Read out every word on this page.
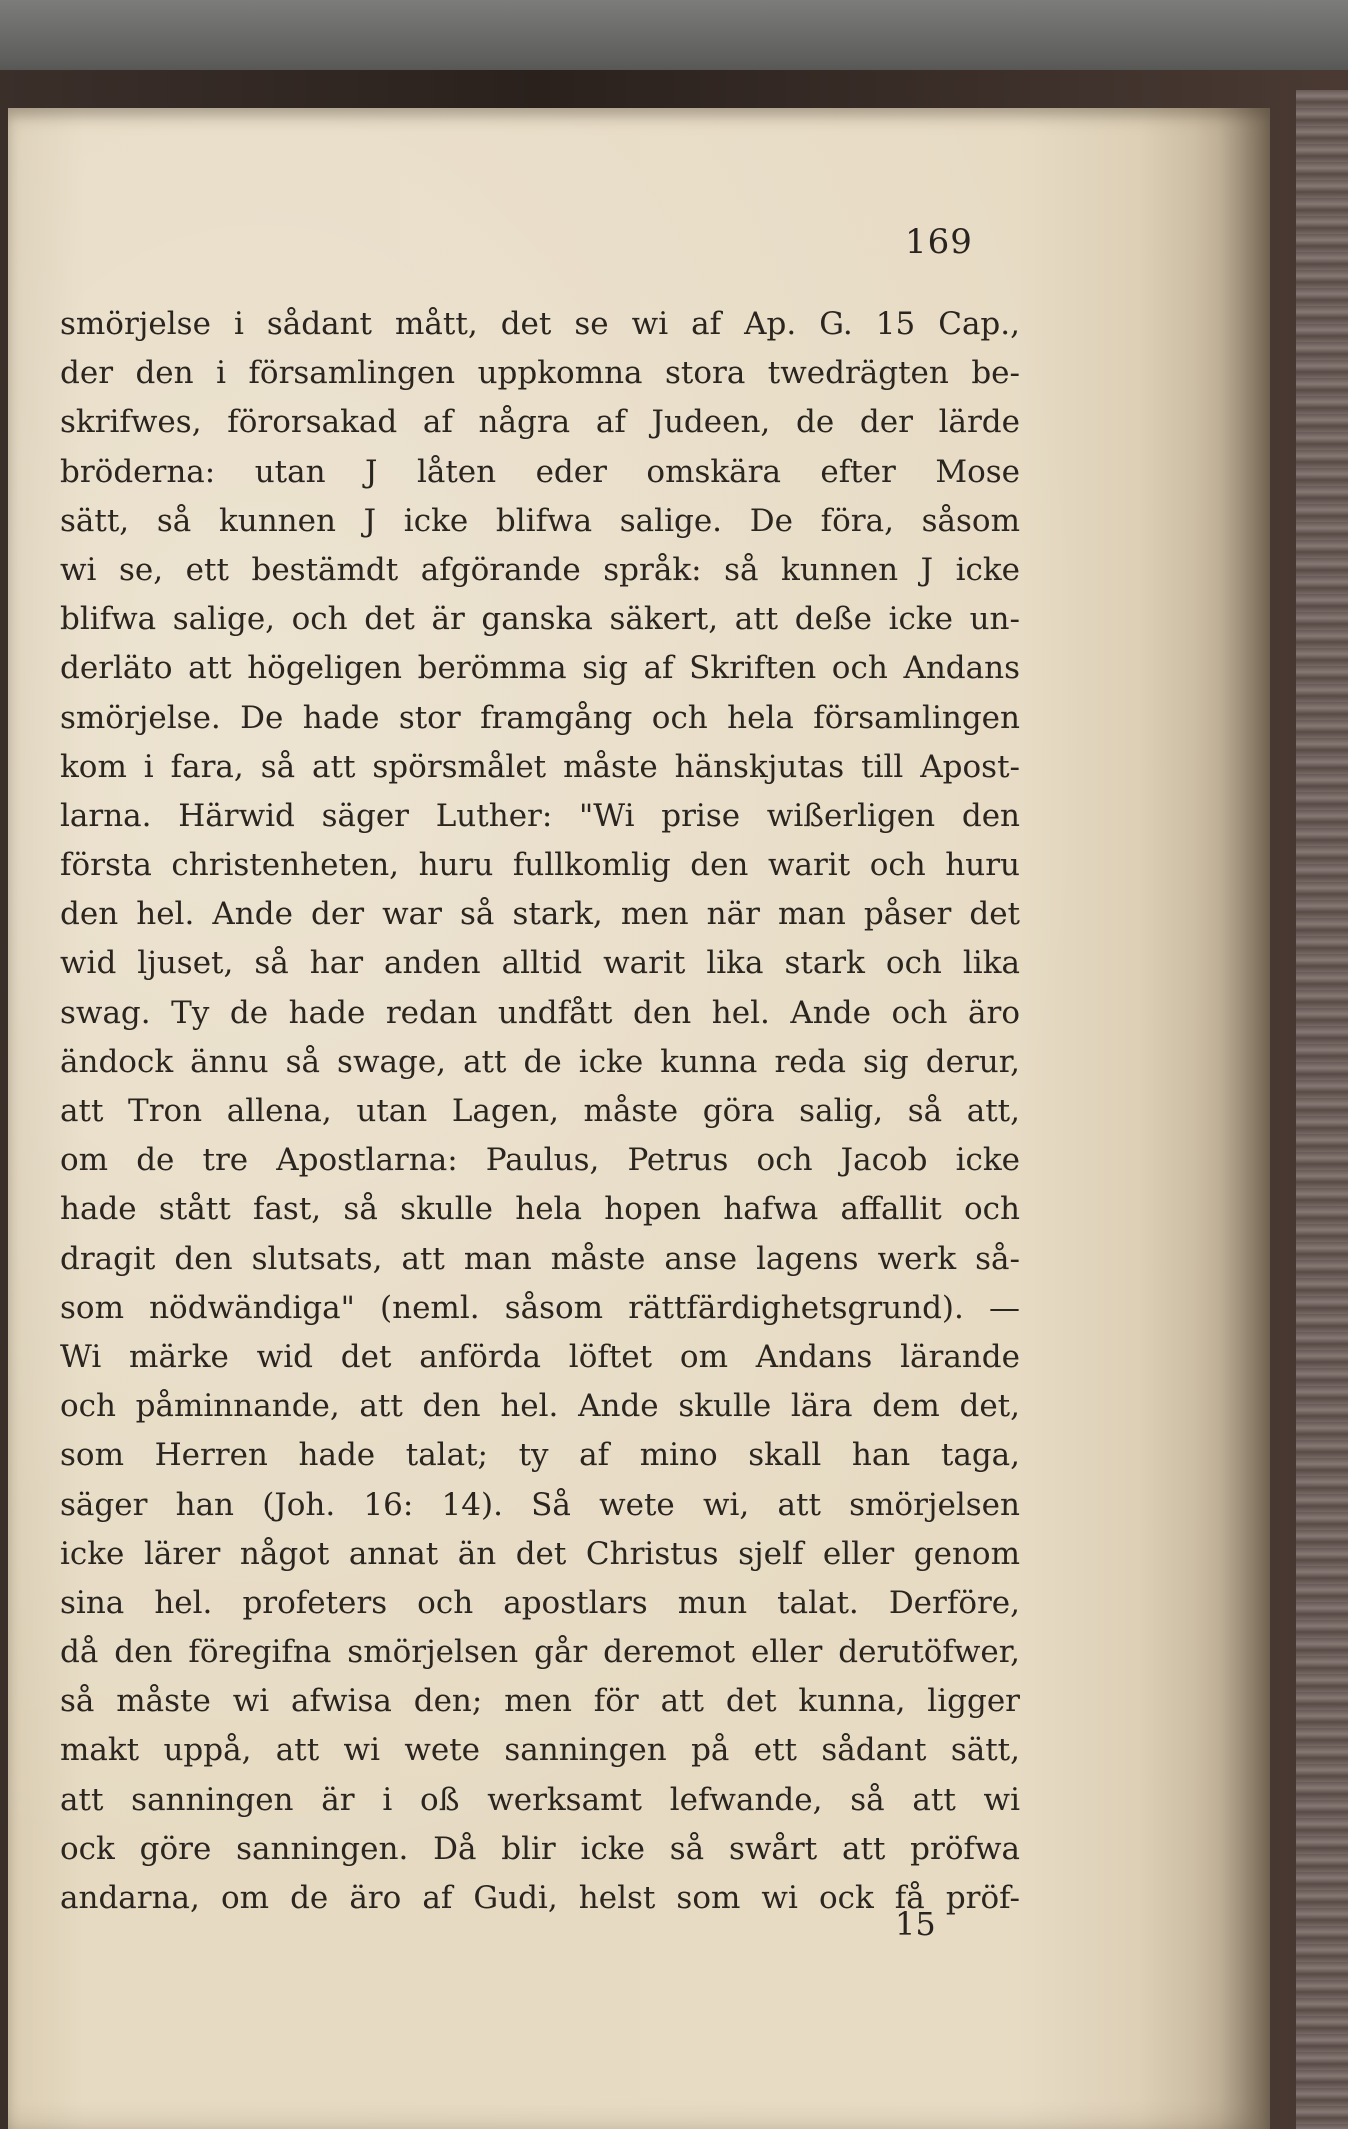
169
smörjelse i sådant mått, det se wi af Ap. G. 15 Cap.,
der den i församlingen uppkomna stora twedrägten be-
skrifwes, förorsakad af några af Judeen, de der lärde
bröderna: utan J låten eder omskära efter Mose
sätt, så kunnen J icke blifwa salige. De föra, såsom
wi se, ett bestämdt afgörande språk: så kunnen J icke
blifwa salige, och det är ganska säkert, att deße icke un-
derläto att högeligen berömma sig af Skriften och Andans
smörjelse. De hade stor framgång och hela församlingen
kom i fara, så att spörsmålet måste hänskjutas till Apost-
larna. Härwid säger Luther: "Wi prise wißerligen den
första christenheten, huru fullkomlig den warit och huru
den hel. Ande der war så stark, men när man påser det
wid ljuset, så har anden alltid warit lika stark och lika
swag. Ty de hade redan undfått den hel. Ande och äro
ändock ännu så swage, att de icke kunna reda sig derur,
att Tron allena, utan Lagen, måste göra salig, så att,
om de tre Apostlarna: Paulus, Petrus och Jacob icke
hade stått fast, så skulle hela hopen hafwa affallit och
dragit den slutsats, att man måste anse lagens werk så-
som nödwändiga" (neml. såsom rättfärdighetsgrund). —
Wi märke wid det anförda löftet om Andans lärande
och påminnande, att den hel. Ande skulle lära dem det,
som Herren hade talat; ty af mino skall han taga,
säger han (Joh. 16: 14). Så wete wi, att smörjelsen
icke lärer något annat än det Christus sjelf eller genom
sina hel. profeters och apostlars mun talat. Derföre,
då den föregifna smörjelsen går deremot eller derutöfwer,
så måste wi afwisa den; men för att det kunna, ligger
makt uppå, att wi wete sanningen på ett sådant sätt,
att sanningen är i oß werksamt lefwande, så att wi
ock göre sanningen. Då blir icke så swårt att pröfwa
andarna, om de äro af Gudi, helst som wi ock få pröf-
15
